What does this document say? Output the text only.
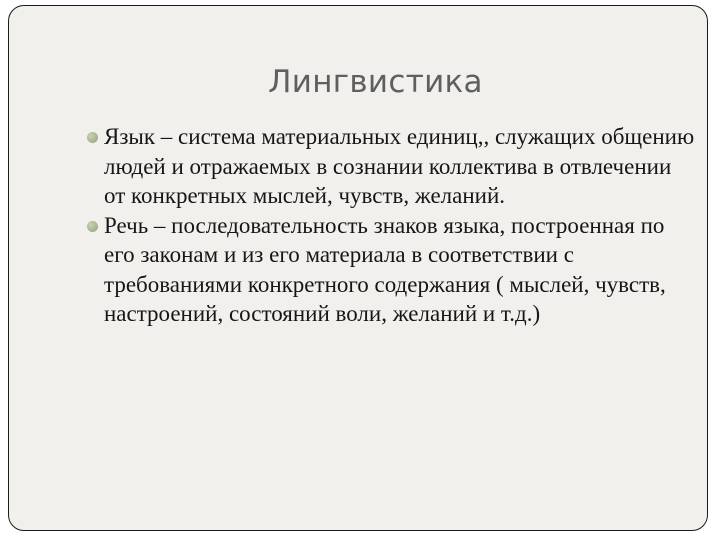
Лингвистика
Язык – система материальных единиц,, служащих общению людей и отражаемых в сознании коллектива в отвлечении от конкретных мыслей, чувств, желаний.
Речь – последовательность знаков языка, построенная по его законам и из его материала в соответствии с требованиями конкретного содержания ( мыслей, чувств, настроений, состояний воли, желаний и т.д.)
